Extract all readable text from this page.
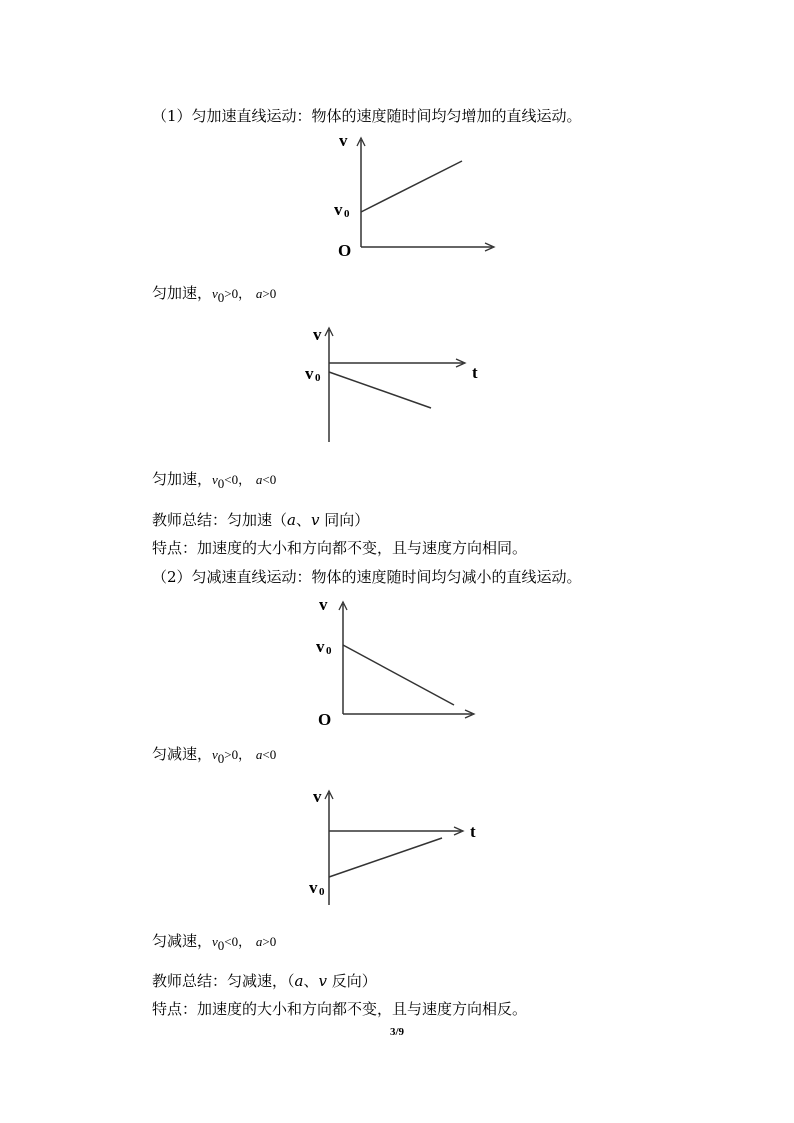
（1）匀加速直线运动：物体的速度随时间均匀增加的直线运动。
v
v 0
O
匀加速，$v_0>0$， a>0
v
v 0	t
匀加速，$v_0<0$， a<0
教师总结：匀加速（a、v 同向）
特点：加速度的大小和方向都不变，且与速度方向相同。
（2）匀减速直线运动：物体的速度随时间均匀减小的直线运动。
v
v 0
O
匀减速，$v_0>0$， a<0
v
v 0
t
匀减速，$v_0<0$， a>0
教师总结：匀减速，（a、v 反向）
特点：加速度的大小和方向都不变，且与速度方向相反。
3/9
